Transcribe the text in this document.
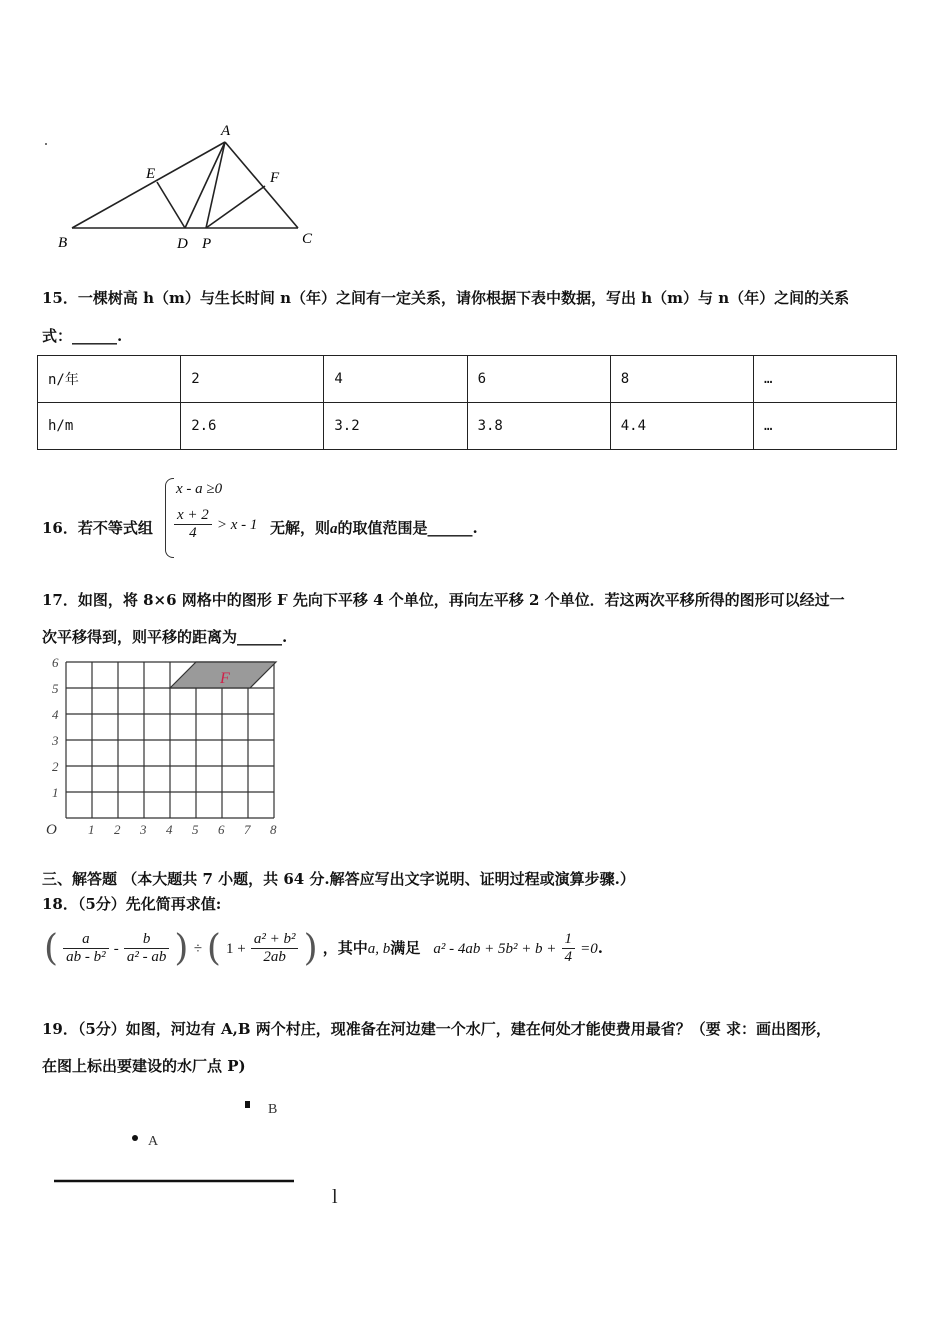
A
B	C
D P
E	F
15．一棵树高 h（m）与生长时间 n（年）之间有一定关系，请你根据下表中数据，写出 h（m）与 n（年）之间的关系
式：______.
n/年	2	4	6	8	…
h/m	2.6	3.2	3.8	4.4	…
16．若不等式组
x - a ≥0
$\frac{x + 2}{4} > x - 1$ 无解，则a的取值范围是______.
17．如图，将 8×6 网格中的图形 F 先向下平移 4 个单位，再向左平移 2 个单位．若这两次平移所得的图形可以经过一
次平移得到，则平移的距离为______.
F
1 2 3 4 5 6 7 8
1
2
3
4
5
6
O
三、解答题 （本大题共 7 小题，共 64 分.解答应写出文字说明、证明过程或演算步骤.）
18．（5分）先化简再求值:
( $\frac{a}{\text{ab - b²}} - \frac{b}{\text{a² - ab}}$ ) ÷ ( $1 + \frac{\text{a² + b²}}{2ab}$ ) ，其中a, b满足 $a^2 - 4ab + 5b^2 + b + \frac{1}{4} =0$.
19．（5分）如图，河边有 A,B 两个村庄，现准备在河边建一个水厂，建在何处才能使费用最省？（要 求：画出图形，
在图上标出要建设的水厂点 P)
B
A
l
